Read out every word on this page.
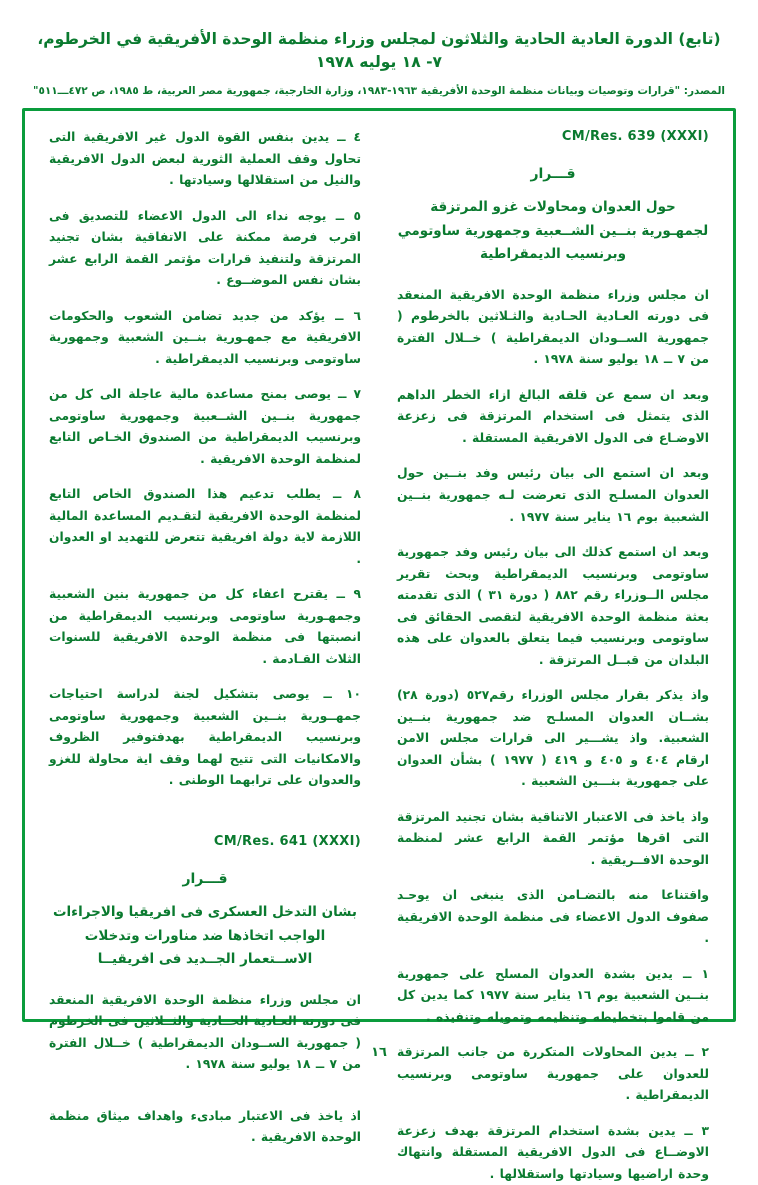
(تابع) الدورة العادية الحادية والثلاثون لمجلس وزراء منظمة الوحدة الأفريقية في الخرطوم، ٧- ١٨ يوليه ١٩٧٨
المصدر: "قرارات وتوصيات وبيانات منظمة الوحدة الأفريقية ١٩٦٣-١٩٨٣، وزارة الخارجية، جمهورية مصر العربية، ط ١٩٨٥، ص ٤٧٢ـــ٥١١"
CM/Res. 639 (XXXI)
قـــرار
حول العدوان ومحاولات غزو المرتزقة لجمهـورية بنــين الشــعبية وجمهورية ساوتومي وبرنسيب الديمقراطية

ان مجلس وزراء منظمة الوحدة الافريقية المنعقد فى دورته العـادية الحـادية والثـلاثين بالخرطوم ( جمهورية الســودان الديمقراطية ) خــلال الفترة من ٧ ــ ١٨ يوليو سنة ١٩٧٨ .

وبعد ان سمع عن قلقه البالغ ازاء الخطر الداهم الذى يتمثل فى استخدام المرتزقة فى زعزعة الاوضـاع فى الدول الافريقية المستقلة .

وبعد ان استمع الى بيان رئيس وفد بنــين حول العدوان المسلـح الذى تعرضت لـه جمهورية بنــين الشعبية بوم ١٦ يناير سنة ١٩٧٧ .

وبعد ان استمع كذلك الى بيان رئيس وفد جمهورية ساوتومى وبرنسيب الديمقراطية وبحث تقرير مجلس الــوزراء رقم ٨٨٢ ( دورة ٣١ ) الذى تقدمته بعثة منظمة الوحدة الافريقية لتقصى الحقائق فى ساوتومى وبرنسيب فيما يتعلق بالعدوان على هذه البلدان من قبــل المرتزقة .

واذ يذكر بقرار مجلس الوزراء رقم٥٢٧ (دورة ٢٨) بشــان العدوان المسلـح ضد جمهورية بنــين الشعبية. واذ يشـــير الى قرارات مجلس الامن ارقام ٤٠٤ و ٤٠٥ و ٤١٩ ( ١٩٧٧ ) بشأن العدوان على جمهورية بنـــين الشعبية .

واذ ياخذ فى الاعتبار الاتناقية بشان تجنيد المرتزقة التى اقرها مؤتمر القمة الرابع عشر لمنظمة الوحدة الافــريقية .

واقتناعا منه بالتضـامن الذى ينبغى ان يوحـد صفوف الدول الاعضاء فى منظمة الوحدة الافريقية .

١ ــ يدين بشدة العدوان المسلح على جمهورية بنــين الشعبية يوم ١٦ يناير سنة ١٩٧٧ كما يدين كل من قاموا بتخطيطه وتنظيمه وتمويله وتنفيذه .

٢ ــ يدين المحاولات المتكررة من جانب المرتزقة للعدوان على جمهورية ساوتومى وبرنسيب الديمقراطية .

٣ ــ يدين بشدة استخدام المرتزقة بهدف زعزعة الاوضــاع فى الدول الافريقية المستقلة وانتهاك وحدة اراضيها وسيادتها واستقلالها .

٤ ــ يدين بنفس القوة الدول غير الافريقية التى تحاول وقف العملية الثورية لبعض الدول الافريقية والنيل من استقلالها وسيادتها .

٥ ــ يوجه نداء الى الدول الاعضاء للتصديق فى اقرب فرصة ممكنة على الاتفاقية بشان تجنيد المرتزقة ولتنفيذ قرارات مؤتمر القمة الرابع عشر بشان نفس الموضــوع .

٦ ــ يؤكد من جديد تضامن الشعوب والحكومات الافريقية مع جمهـورية بنــين الشعبية وجمهورية ساوتومى وبرنسيب الديمقراطية .

٧ ــ يوصى بمنح مساعدة مالية عاجلة الى كل من جمهورية بنــين الشــعبية وجمهورية ساوتومى وبرنسيب الديمقراطية من الصندوق الخـاص التابع لمنظمة الوحدة الافريقية .

٨ ــ يطلب تدعيم هذا الصندوق الخاص التابع لمنظمة الوحدة الافريقية لتقـديم المساعدة المالية اللازمة لاية دولة افريقية تتعرض للتهديد او العدوان .

٩ ــ يقترح اعفاء كل من جمهورية بنين الشعبية وجمهـورية ساوتومى وبرنسيب الديمقراطية من انصبتها فى منظمة الوحدة الافريقية للسنوات الثلاث القـادمة .

١٠ ــ يوصى بتشكيل لجنة لدراسة احتياجات جمهــورية بنــين الشعبية وجمهورية ساوتومى وبرنسيب الديمقراطية بهدفتوفير الظروف والامكانيات التى تتيح لهما وقف اية محاولة للغزو والعدوان على ترابهما الوطنى .

CM/Res. 641 (XXXI)
قـــرار
بشان التدخل العسكرى فى افريقيا والاجراءات الواجب اتخاذها ضد مناورات وتدخلات الاســتعمار الجــديد فى افريقيــا

ان مجلس وزراء منظمة الوحدة الافريقية المنعقد فى دورته العـادية الحــادية والثــلاثين فى الخرطوم ( جمهورية الســودان الديمقراطية ) خــلال الفترة من ٧ ــ ١٨ يوليو سنة ١٩٧٨ .

اذ ياخذ فى الاعتبار مبادىء واهداف ميثاق منظمة الوحدة الافريقية .

١٦
